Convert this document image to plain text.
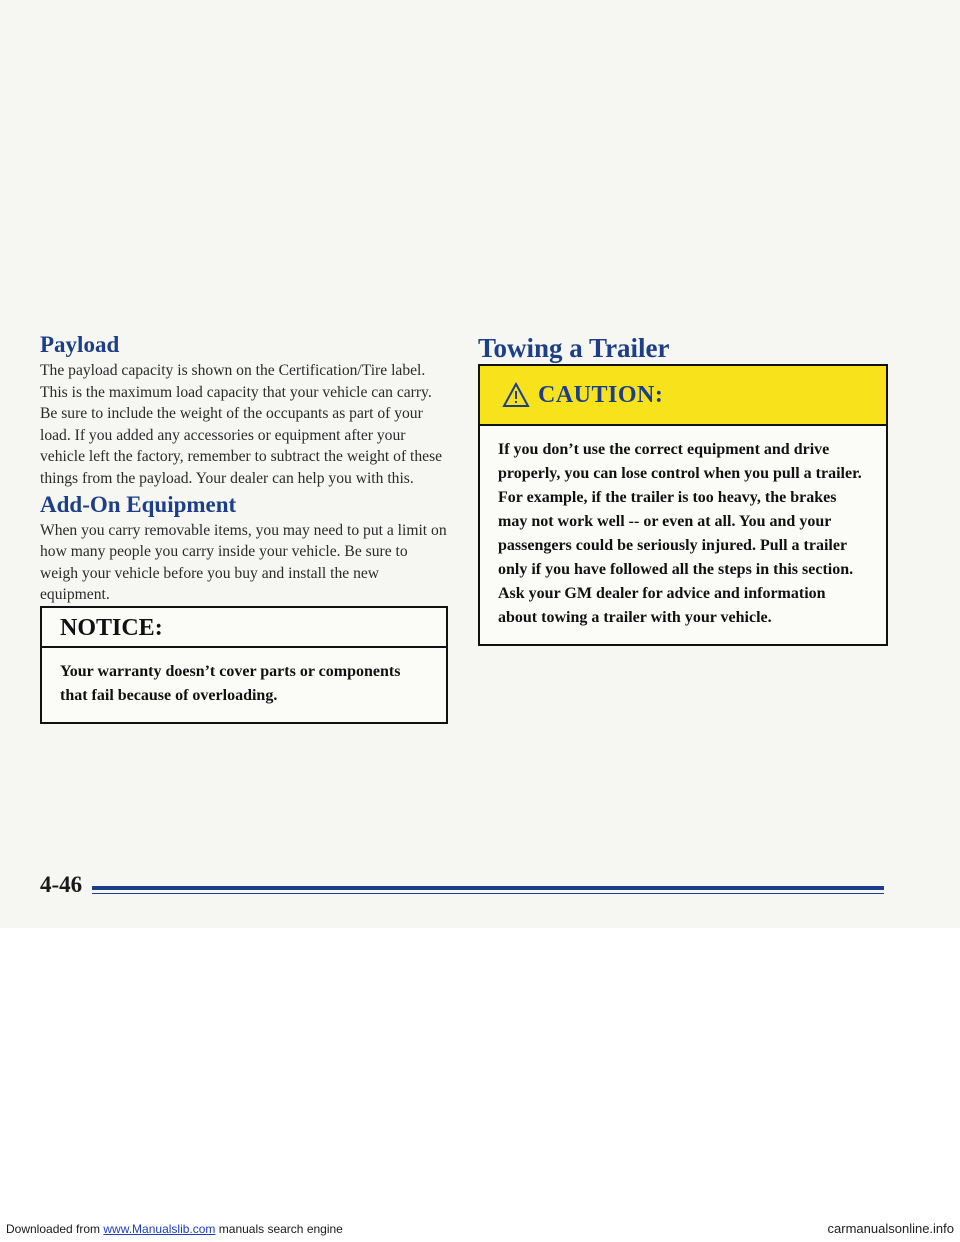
Payload

The payload capacity is shown on the Certification/Tire label. This is the maximum load capacity that your vehicle can carry. Be sure to include the weight of the occupants as part of your load. If you added any accessories or equipment after your vehicle left the factory, remember to subtract the weight of these things from the payload. Your dealer can help you with this.

Add-On Equipment

When you carry removable items, you may need to put a limit on how many people you carry inside your vehicle. Be sure to weigh your vehicle before you buy and install the new equipment.

NOTICE:
Your warranty doesn’t cover parts or components that fail because of overloading.
Towing a Trailer
CAUTION:
If you don’t use the correct equipment and drive properly, you can lose control when you pull a trailer. For example, if the trailer is too heavy, the brakes may not work well -- or even at all. You and your passengers could be seriously injured. Pull a trailer only if you have followed all the steps in this section. Ask your GM dealer for advice and information about towing a trailer with your vehicle.
4-46
Downloaded from www.Manualslib.com manuals search engine	carmanualsonline.info
